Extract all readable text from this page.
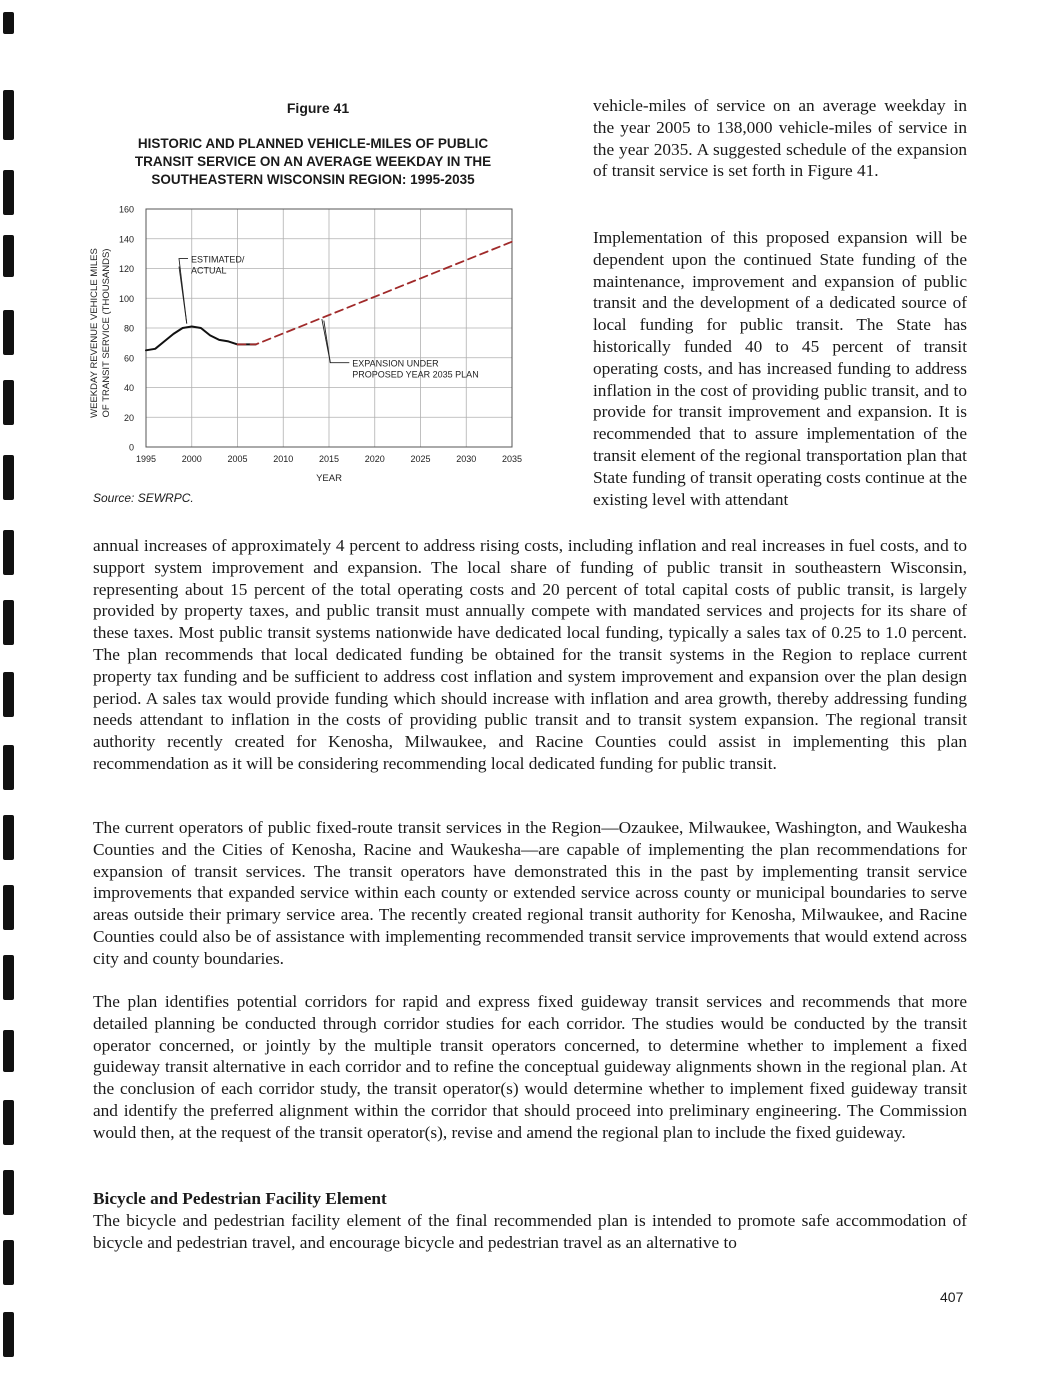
Figure 41
HISTORIC AND PLANNED VEHICLE-MILES OF PUBLIC
TRANSIT SERVICE ON AN AVERAGE WEEKDAY IN THE
SOUTHEASTERN WISCONSIN REGION: 1995-2035
0
20
40
60
80
100
120
140
160
1995	2000	2005	2010	2015	2020	2025	2030	2035
YEAR
WEEKDAY REVENUE VEHICLE MILES OF TRANSIT SERVICE (THOUSANDS)	ESTIMATED/
ACTUAL
EXPANSION UNDER
PROPOSED YEAR 2035 PLAN
Source: SEWRPC.
vehicle-miles of service on an average weekday in the year 2005 to 138,000 vehicle-miles of service in the year 2035. A suggested schedule of the expansion of transit service is set forth in Figure 41.
Implementation of this proposed expansion will be dependent upon the continued State funding of the maintenance, improvement and expansion of public transit and the development of a dedicated source of local funding for public transit. The State has historically funded 40 to 45 percent of transit operating costs, and has increased funding to address inflation in the cost of providing public transit, and to provide for transit improvement and expansion. It is recommended that to assure implementation of the transit element of the regional transportation plan that State funding of transit operating costs continue at the existing level with attendant
annual increases of approximately 4 percent to address rising costs, including inflation and real increases in fuel costs, and to support system improvement and expansion. The local share of funding of public transit in southeastern Wisconsin, representing about 15 percent of the total operating costs and 20 percent of total capital costs of public transit, is largely provided by property taxes, and public transit must annually compete with mandated services and projects for its share of these taxes. Most public transit systems nationwide have dedicated local funding, typically a sales tax of 0.25 to 1.0 percent. The plan recommends that local dedicated funding be obtained for the transit systems in the Region to replace current property tax funding and be sufficient to address cost inflation and system improvement and expansion over the plan design period. A sales tax would provide funding which should increase with inflation and area growth, thereby addressing funding needs attendant to inflation in the costs of providing public transit and to transit system expansion. The regional transit authority recently created for Kenosha, Milwaukee, and Racine Counties could assist in implementing this plan recommendation as it will be considering recommending local dedicated funding for public transit.
The current operators of public fixed-route transit services in the Region—Ozaukee, Milwaukee, Washington, and Waukesha Counties and the Cities of Kenosha, Racine and Waukesha—are capable of implementing the plan recommendations for expansion of transit services. The transit operators have demonstrated this in the past by implementing transit service improvements that expanded service within each county or extended service across county or municipal boundaries to serve areas outside their primary service area. The recently created regional transit authority for Kenosha, Milwaukee, and Racine Counties could also be of assistance with implementing recommended transit service improvements that would extend across city and county boundaries.
The plan identifies potential corridors for rapid and express fixed guideway transit services and recommends that more detailed planning be conducted through corridor studies for each corridor. The studies would be conducted by the transit operator concerned, or jointly by the multiple transit operators concerned, to determine whether to implement a fixed guideway transit alternative in each corridor and to refine the conceptual guideway alignments shown in the regional plan. At the conclusion of each corridor study, the transit operator(s) would determine whether to implement fixed guideway transit and identify the preferred alignment within the corridor that should proceed into preliminary engineering. The Commission would then, at the request of the transit operator(s), revise and amend the regional plan to include the fixed guideway.
Bicycle and Pedestrian Facility Element
The bicycle and pedestrian facility element of the final recommended plan is intended to promote safe accommodation of bicycle and pedestrian travel, and encourage bicycle and pedestrian travel as an alternative to
407
